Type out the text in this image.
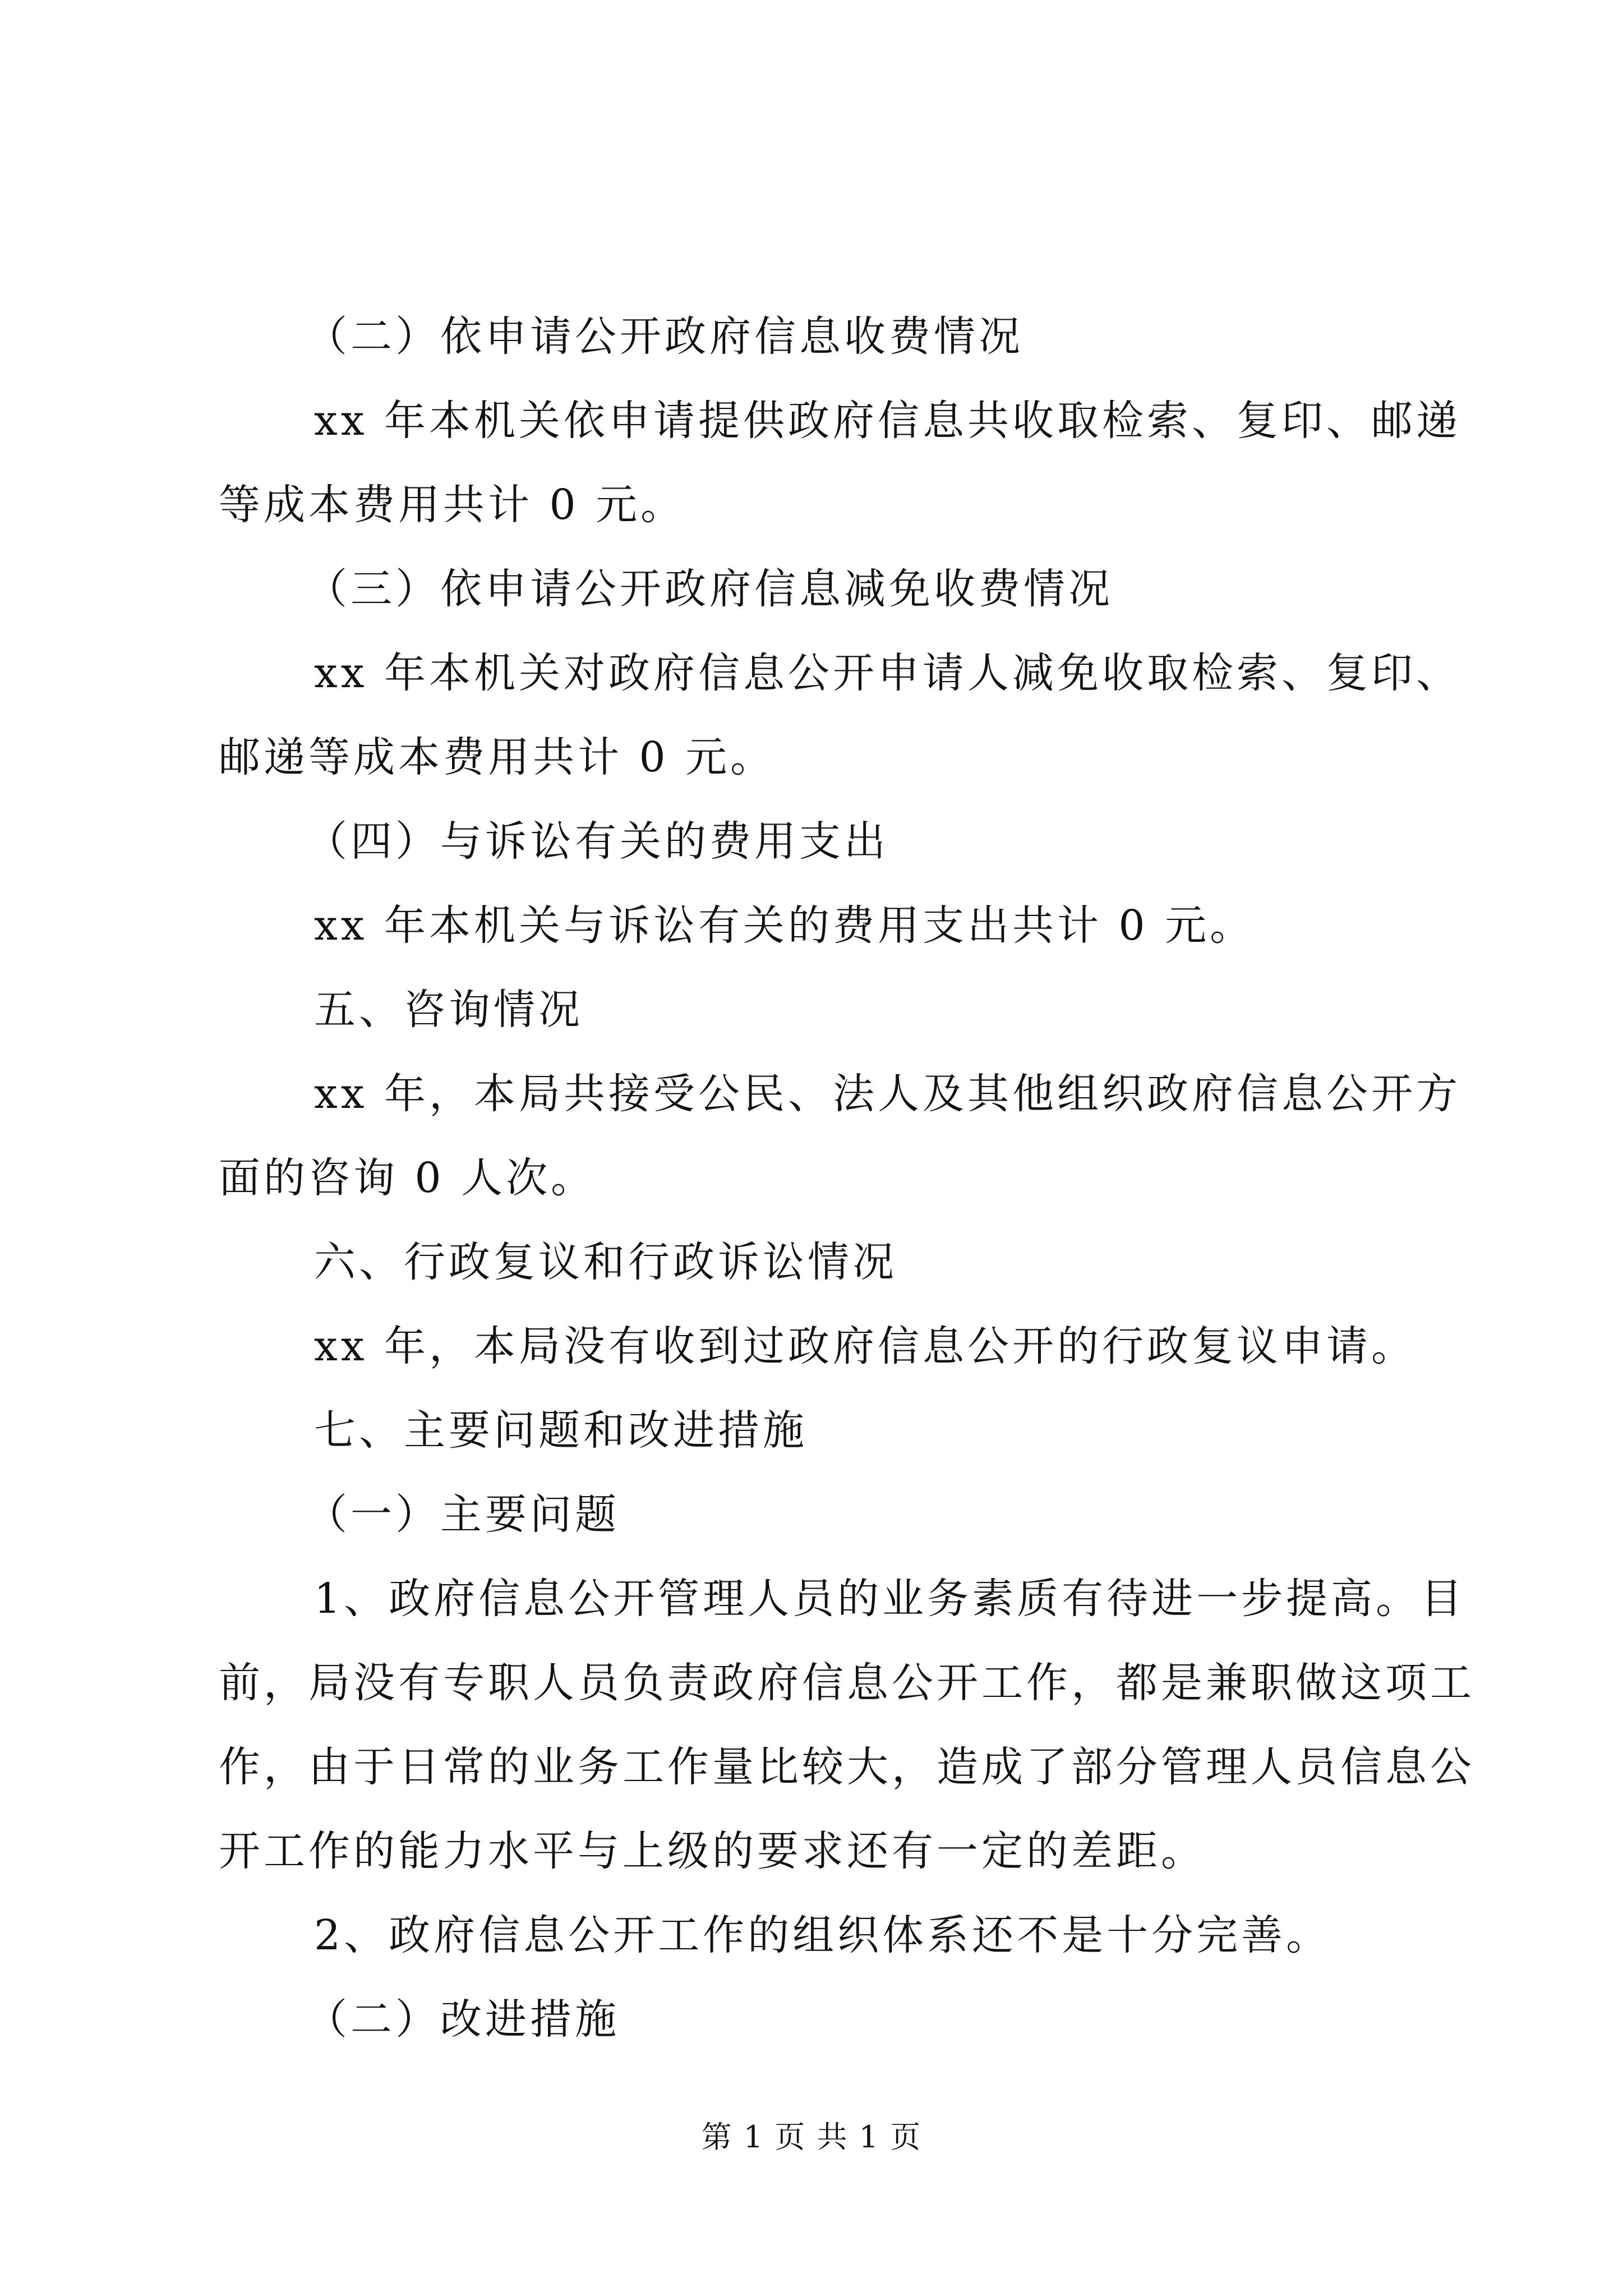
（二）依申请公开政府信息收费情况
xx 年本机关依申请提供政府信息共收取检索、复印、邮递
等成本费用共计 0 元。
（三）依申请公开政府信息减免收费情况
xx 年本机关对政府信息公开申请人减免收取检索、复印、
邮递等成本费用共计 0 元。
（四）与诉讼有关的费用支出
xx 年本机关与诉讼有关的费用支出共计 0 元。
五、咨询情况
xx 年，本局共接受公民、法人及其他组织政府信息公开方
面的咨询 0 人次。
六、行政复议和行政诉讼情况
xx 年，本局没有收到过政府信息公开的行政复议申请。
七、主要问题和改进措施
（一）主要问题
1、政府信息公开管理人员的业务素质有待进一步提高。目
前，局没有专职人员负责政府信息公开工作，都是兼职做这项工
作，由于日常的业务工作量比较大，造成了部分管理人员信息公
开工作的能力水平与上级的要求还有一定的差距。
2、政府信息公开工作的组织体系还不是十分完善。
（二）改进措施
第 1 页 共 1 页
